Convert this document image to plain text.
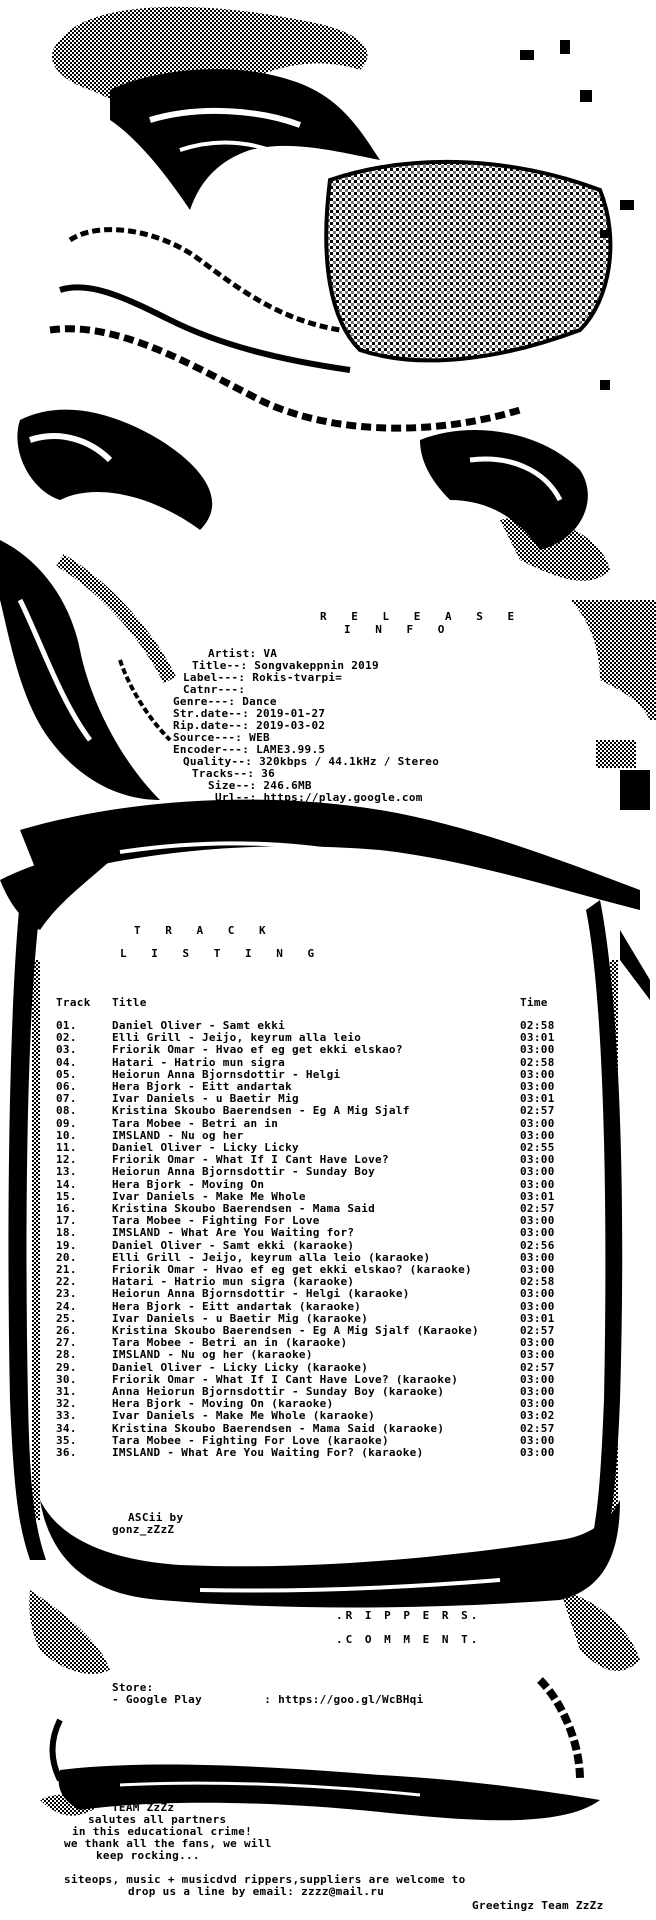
R E L E A S E
I N F O
Artist: VA
Title--: Songvakeppnin 2019
Label---: Rokis-tvarpi=
Catnr---:
Genre---: Dance
Str.date--: 2019-01-27
Rip.date--: 2019-03-02
Source---: WEB
Encoder---: LAME3.99.5
Quality--: 320kbps / 44.1kHz / Stereo
Tracks--: 36
Size--: 246.6MB
Url--: https://play.google.com
T R A C K
L I S T I N G
Track Title	Time
01.	Daniel Oliver - Samt ekki	02:58
02.	Elli Grill - Jeijo, keyrum alla leio	03:01
03.	Friorik Omar - Hvao ef eg get ekki elskao?	03:00
04.	Hatari - Hatrio mun sigra	02:58
05.	Heiorun Anna Bjornsdottir - Helgi	03:00
06.	Hera Bjork - Eitt andartak	03:00
07.	Ivar Daniels - u Baetir Mig	03:01
08.	Kristina Skoubo Baerendsen - Eg A Mig Sjalf	02:57
09.	Tara Mobee - Betri an in	03:00
10.	IMSLAND - Nu og her	03:00
11.	Daniel Oliver - Licky Licky	02:55
12.	Friorik Omar - What If I Cant Have Love?	03:00
13.	Heiorun Anna Bjornsdottir - Sunday Boy	03:00
14.	Hera Bjork - Moving On	03:00
15.	Ivar Daniels - Make Me Whole	03:01
16.	Kristina Skoubo Baerendsen - Mama Said	02:57
17.	Tara Mobee - Fighting For Love	03:00
18.	IMSLAND - What Are You Waiting for?	03:00
19.	Daniel Oliver - Samt ekki (karaoke)	02:56
20.	Elli Grill - Jeijo, keyrum alla leio (karaoke)	03:00
21.	Friorik Omar - Hvao ef eg get ekki elskao? (karaoke)	03:00
22.	Hatari - Hatrio mun sigra (karaoke)	02:58
23.	Heiorun Anna Bjornsdottir - Helgi (karaoke)	03:00
24.	Hera Bjork - Eitt andartak (karaoke)	03:00
25.	Ivar Daniels - u Baetir Mig (karaoke)	03:01
26.	Kristina Skoubo Baerendsen - Eg A Mig Sjalf (Karaoke)	02:57
27.	Tara Mobee - Betri an in (karaoke)	03:00
28.	IMSLAND - Nu og her (karaoke)	03:00
29.	Daniel Oliver - Licky Licky (karaoke)	02:57
30.	Friorik Omar - What If I Cant Have Love? (karaoke)	03:00
31.	Anna Heiorun Bjornsdottir - Sunday Boy (karaoke)	03:00
32.	Hera Bjork - Moving On (karaoke)	03:00
33.	Ivar Daniels - Make Me Whole (karaoke)	03:02
34.	Kristina Skoubo Baerendsen - Mama Said (karaoke)	02:57
35.	Tara Mobee - Fighting For Love (karaoke)	03:00
36.	IMSLAND - What Are You Waiting For? (karaoke)	03:00
ASCii by
gonz_zZzZ
.R I P P E R S.
.C O M M E N T.
Store:
- Google Play         : https://goo.gl/WcBHqi
TEAM ZzZz
salutes all partners
in this educational crime!
we thank all the fans, we will
keep rocking...
siteops, music + musicdvd rippers,suppliers are welcome to
drop us a line by email: zzzz@mail.ru
Greetingz Team ZzZz
